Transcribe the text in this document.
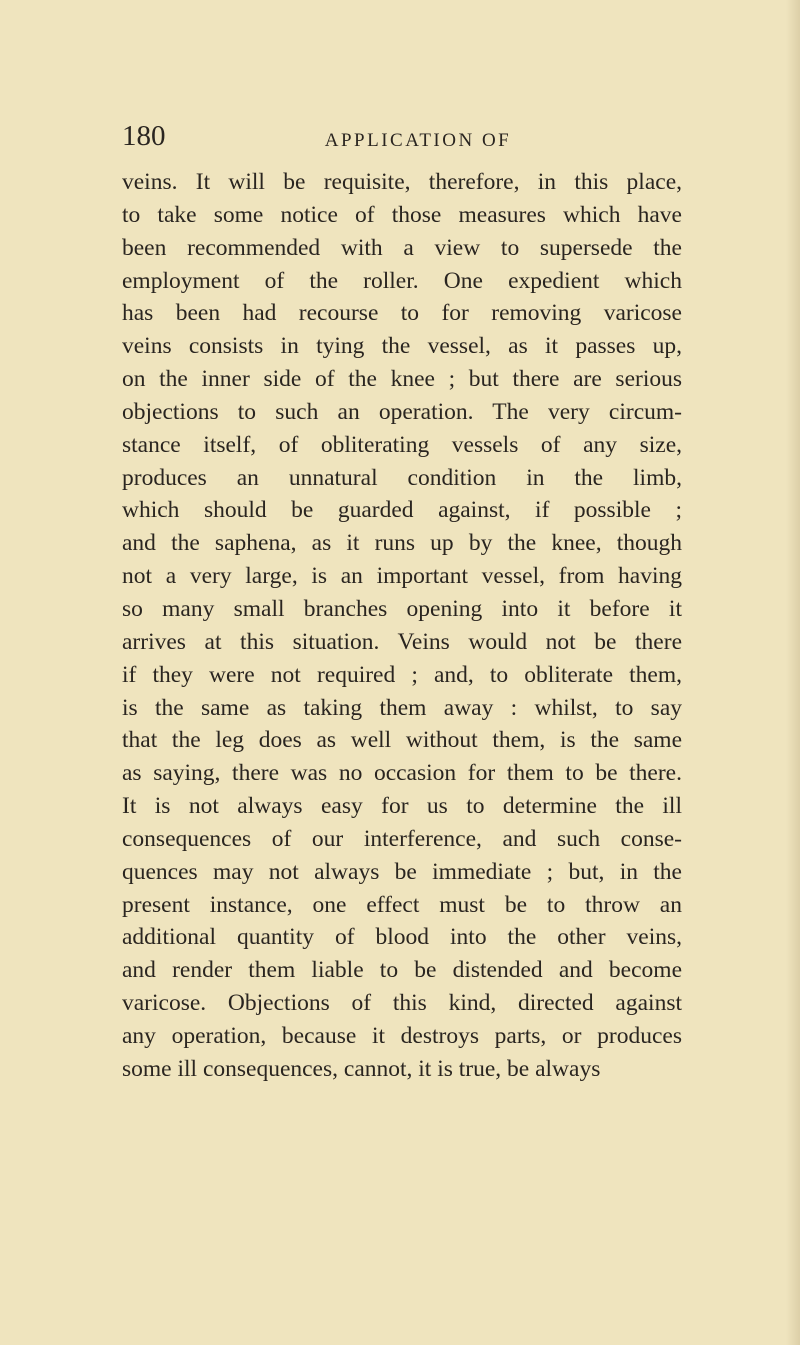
180	APPLICATION OF
veins. It will be requisite, therefore, in this place,
to take some notice of those measures which have
been recommended with a view to supersede the
employment of the roller. One expedient which
has been had recourse to for removing varicose
veins consists in tying the vessel, as it passes up,
on the inner side of the knee ; but there are serious
objections to such an operation. The very circum-
stance itself, of obliterating vessels of any size,
produces an unnatural condition in the limb,
which should be guarded against, if possible ;
and the saphena, as it runs up by the knee, though
not a very large, is an important vessel, from having
so many small branches opening into it before it
arrives at this situation. Veins would not be there
if they were not required ; and, to obliterate them,
is the same as taking them away : whilst, to say
that the leg does as well without them, is the same
as saying, there was no occasion for them to be there.
It is not always easy for us to determine the ill
consequences of our interference, and such conse-
quences may not always be immediate ; but, in the
present instance, one effect must be to throw an
additional quantity of blood into the other veins,
and render them liable to be distended and become
varicose. Objections of this kind, directed against
any operation, because it destroys parts, or produces
some ill consequences, cannot, it is true, be always
